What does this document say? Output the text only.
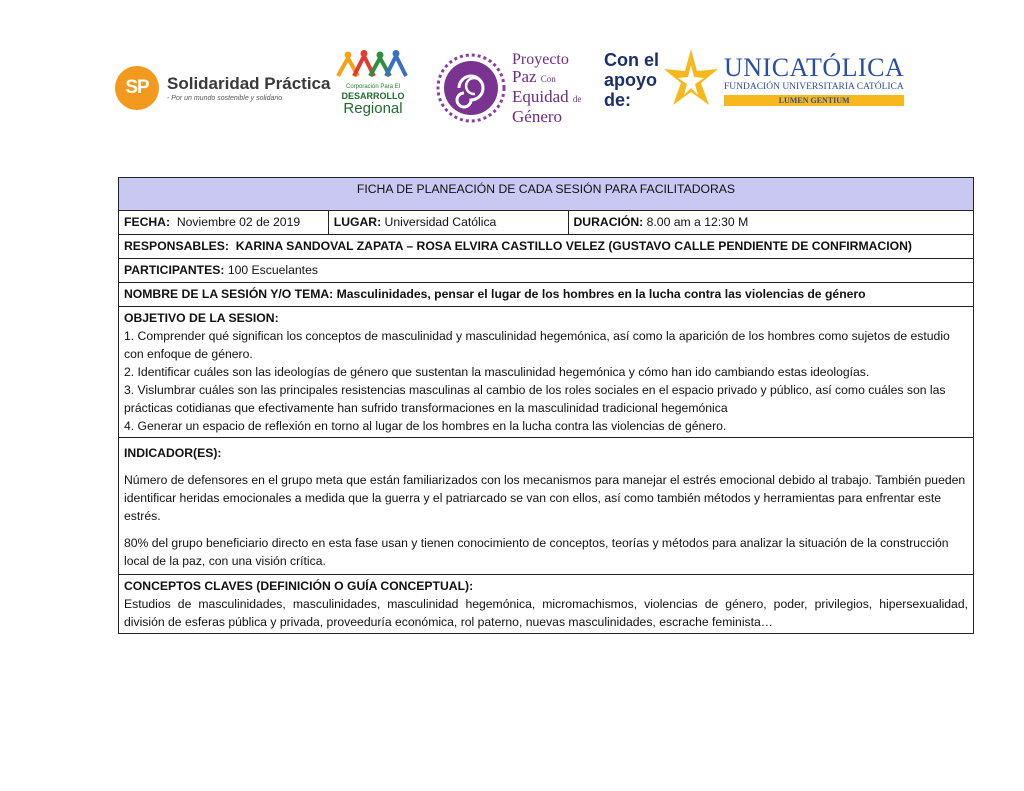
SP	Solidaridad Práctica
- Por un mundo sostenible y solidario
Corporación Para El
DESARROLLO
Regional
Proyecto
Paz Con
Equidad de
Género
Con el
apoyo
de:
UNICATÓLICA
FUNDACIÓN UNIVERSITARIA CATÓLICA
LUMEN GENTIUM
FICHA DE PLANEACIÓN DE CADA SESIÓN PARA FACILITADORAS
FECHA: Noviembre 02 de 2019	LUGAR: Universidad Católica	DURACIÓN: 8.00 am a 12:30 M
RESPONSABLES: KARINA SANDOVAL ZAPATA – ROSA ELVIRA CASTILLO VELEZ (GUSTAVO CALLE PENDIENTE DE CONFIRMACION)
PARTICIPANTES: 100 Escuelantes
NOMBRE DE LA SESIÓN Y/O TEMA: Masculinidades, pensar el lugar de los hombres en la lucha contra las violencias de género

OBJETIVO DE LA SESION:

1. Comprender qué significan los conceptos de masculinidad y masculinidad hegemónica, así como la aparición de los hombres como sujetos de estudio con enfoque de género.

2. Identificar cuáles son las ideologías de género que sustentan la masculinidad hegemónica y cómo han ido cambiando estas ideologías.

3. Vislumbrar cuáles son las principales resistencias masculinas al cambio de los roles sociales en el espacio privado y público, así como cuáles son las prácticas cotidianas que efectivamente han sufrido transformaciones en la masculinidad tradicional hegemónica

4. Generar un espacio de reflexión en torno al lugar de los hombres en la lucha contra las violencias de género.

INDICADOR(ES):

Número de defensores en el grupo meta que están familiarizados con los mecanismos para manejar el estrés emocional debido al trabajo. También pueden identificar heridas emocionales a medida que la guerra y el patriarcado se van con ellos, así como también métodos y herramientas para enfrentar este estrés.

80% del grupo beneficiario directo en esta fase usan y tienen conocimiento de conceptos, teorías y métodos para analizar la situación de la construcción local de la paz, con una visión crítica.

CONCEPTOS CLAVES (DEFINICIÓN O GUÍA CONCEPTUAL):

Estudios de masculinidades, masculinidades, masculinidad hegemónica, micromachismos, violencias de género, poder, privilegios, hipersexualidad, división de esferas pública y privada, proveeduría económica, rol paterno, nuevas masculinidades, escrache feminista…
